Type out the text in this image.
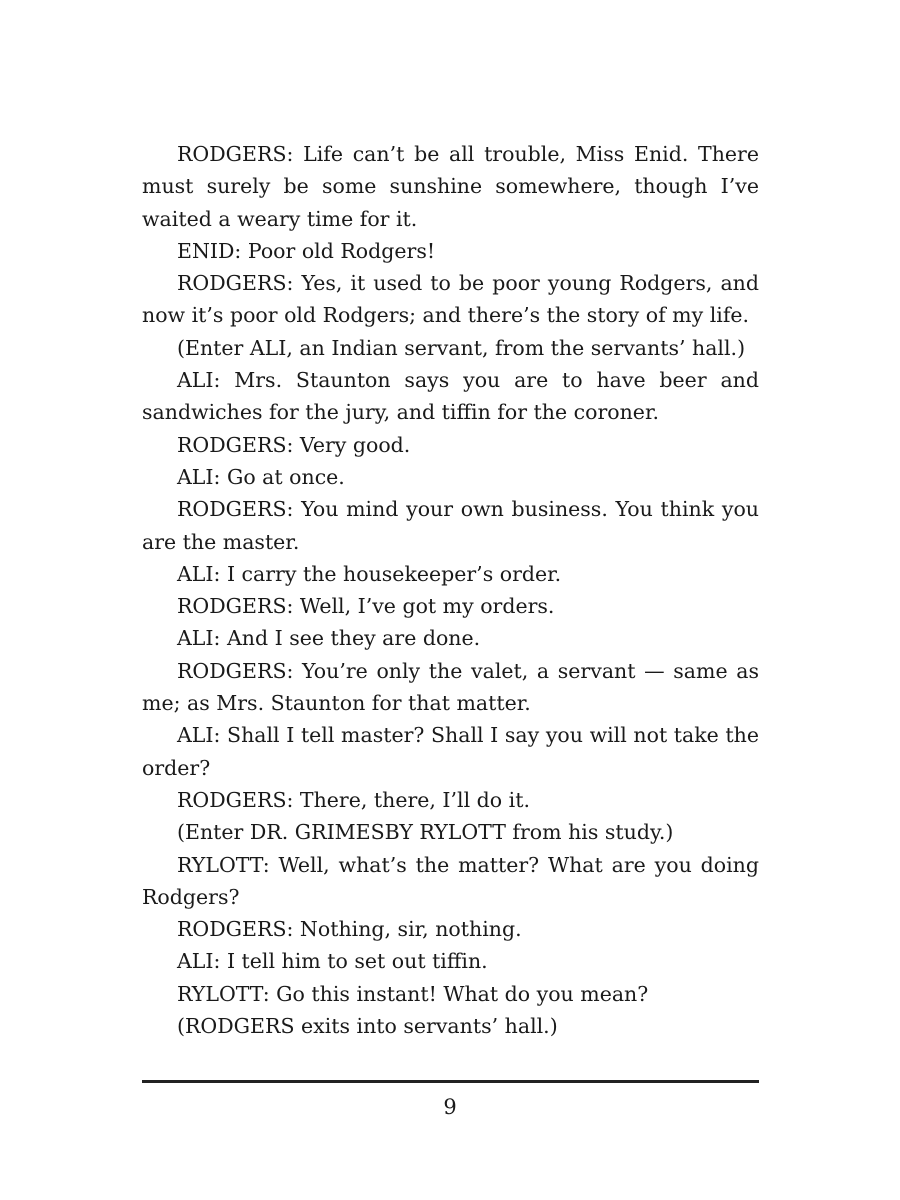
RODGERS: Life can’t be all trouble, Miss Enid. There must surely be some sunshine somewhere, though I’ve waited a weary time for it.

ENID: Poor old Rodgers!

RODGERS: Yes, it used to be poor young Rodgers, and now it’s poor old Rodgers; and there’s the story of my life.

(Enter ALI, an Indian servant, from the servants’ hall.)

ALI: Mrs. Staunton says you are to have beer and sandwiches for the jury, and tiffin for the coroner.

RODGERS: Very good.

ALI: Go at once.

RODGERS: You mind your own business. You think you are the master.

ALI: I carry the housekeeper’s order.

RODGERS: Well, I’ve got my orders.

ALI: And I see they are done.

RODGERS: You’re only the valet, a servant — same as me; as Mrs. Staunton for that matter.

ALI: Shall I tell master? Shall I say you will not take the order?

RODGERS: There, there, I’ll do it.

(Enter DR. GRIMESBY RYLOTT from his study.)

RYLOTT: Well, what’s the matter? What are you doing Rodgers?

RODGERS: Nothing, sir, nothing.

ALI: I tell him to set out tiffin.

RYLOTT: Go this instant! What do you mean?

(RODGERS exits into servants’ hall.)

9
